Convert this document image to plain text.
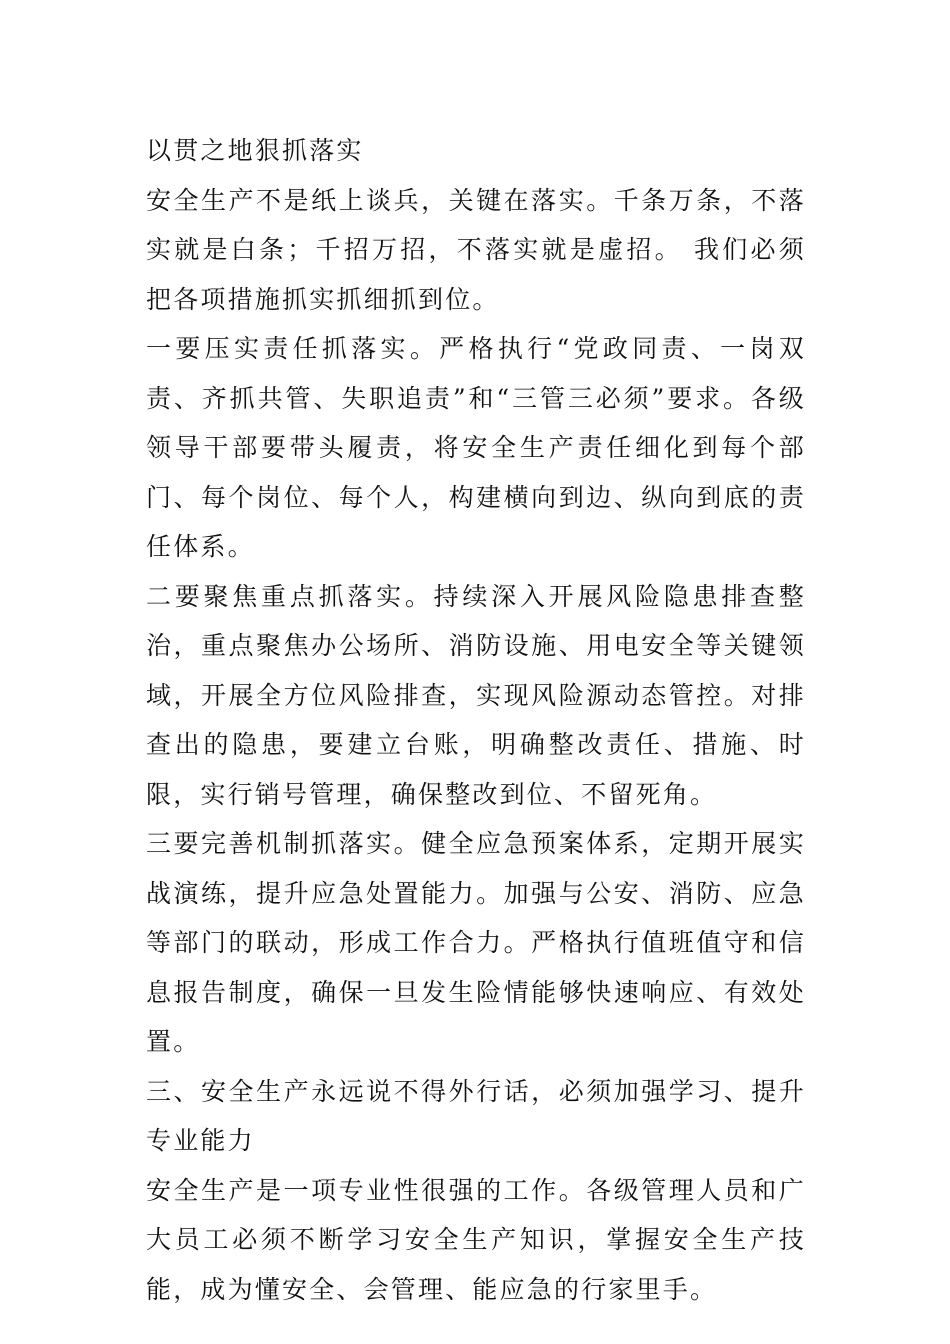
以贯之地狠抓落实

安全生产不是纸上谈兵，关键在落实。千条万条，不落实就是白条；千招万招，不落实就是虚招。 我们必须把各项措施抓实抓细抓到位。

一要压实责任抓落实。严格执行“党政同责、一岗双责、齐抓共管、失职追责”和“三管三必须”要求。各级领导干部要带头履责，将安全生产责任细化到每个部门、每个岗位、每个人，构建横向到边、纵向到底的责任体系。

二要聚焦重点抓落实。持续深入开展风险隐患排查整治，重点聚焦办公场所、消防设施、用电安全等关键领域，开展全方位风险排查，实现风险源动态管控。对排查出的隐患，要建立台账，明确整改责任、措施、时限，实行销号管理，确保整改到位、不留死角。

三要完善机制抓落实。健全应急预案体系，定期开展实战演练，提升应急处置能力。加强与公安、消防、应急等部门的联动，形成工作合力。严格执行值班值守和信息报告制度，确保一旦发生险情能够快速响应、有效处置。

三、安全生产永远说不得外行话，必须加强学习、提升专业能力

安全生产是一项专业性很强的工作。各级管理人员和广大员工必须不断学习安全生产知识，掌握安全生产技能，成为懂安全、会管理、能应急的行家里手。
